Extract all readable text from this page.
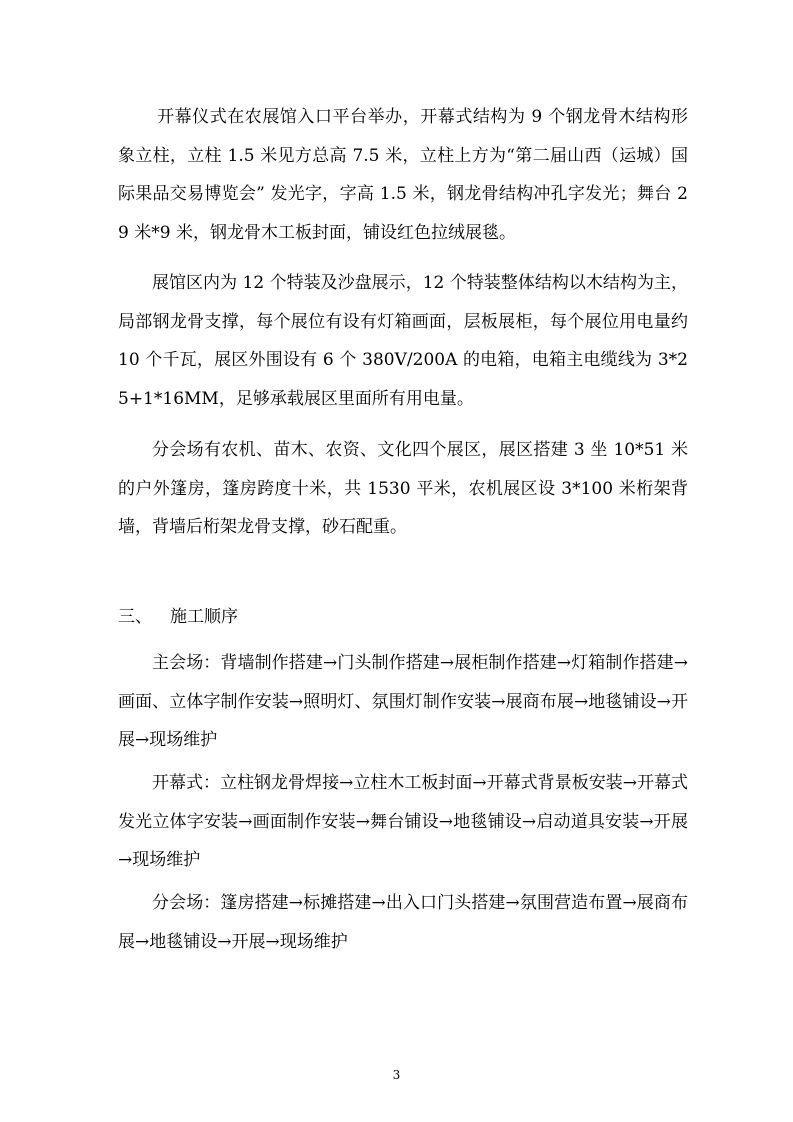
开幕仪式在农展馆入口平台举办，开幕式结构为 9 个钢龙骨木结构形象立柱，立柱 1.5 米见方总高 7.5 米，立柱上方为“第二届山西（运城）国际果品交易博览会” 发光字，字高 1.5 米，钢龙骨结构冲孔字发光；舞台 29 米*9 米，钢龙骨木工板封面，铺设红色拉绒展毯。

展馆区内为 12 个特装及沙盘展示，12 个特装整体结构以木结构为主，局部钢龙骨支撑，每个展位有设有灯箱画面，层板展柜，每个展位用电量约 10 个千瓦，展区外围设有 6 个 380V/200A 的电箱，电箱主电缆线为 3*25+1*16MM，足够承载展区里面所有用电量。

分会场有农机、苗木、农资、文化四个展区，展区搭建 3 坐 10*51 米的户外篷房，篷房跨度十米，共 1530 平米，农机展区设 3*100 米桁架背墙，背墙后桁架龙骨支撑，砂石配重。

三、 施工顺序

主会场：背墙制作搭建→门头制作搭建→展柜制作搭建→灯箱制作搭建→画面、立体字制作安装→照明灯、氛围灯制作安装→展商布展→地毯铺设→开展→现场维护

开幕式：立柱钢龙骨焊接→立柱木工板封面→开幕式背景板安装→开幕式发光立体字安装→画面制作安装→舞台铺设→地毯铺设→启动道具安装→开展→现场维护

分会场：篷房搭建→标摊搭建→出入口门头搭建→氛围营造布置→展商布展→地毯铺设→开展→现场维护

3
